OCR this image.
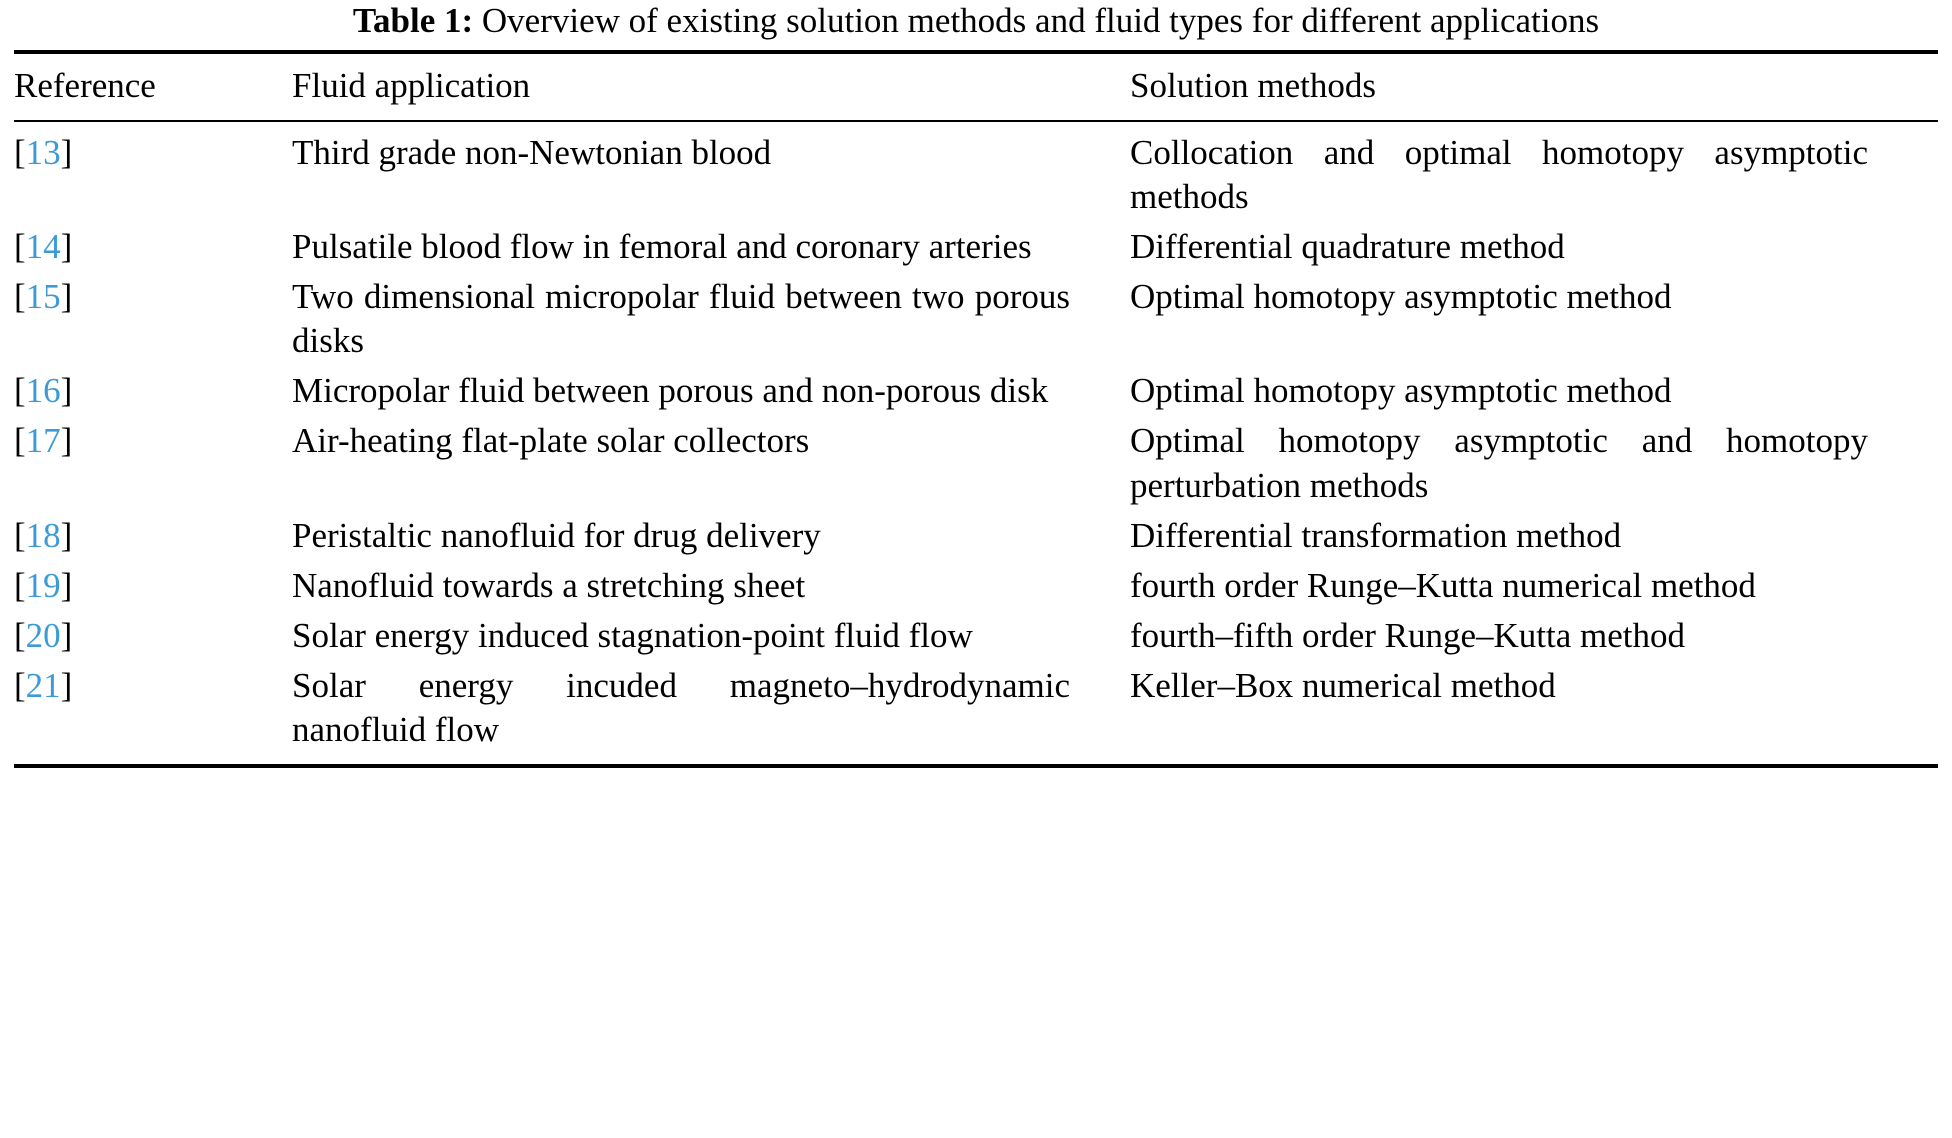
Table 1: Overview of existing solution methods and fluid types for different applications
Reference	Fluid application	Solution methods
[13]	Third grade non-Newtonian blood	Collocation and optimal homotopy asymptotic methods
[14]	Pulsatile blood flow in femoral and coronary arteries	Differential quadrature method
[15]	Two dimensional micropolar fluid between two porous disks	Optimal homotopy asymptotic method
[16]	Micropolar fluid between porous and non-porous disk	Optimal homotopy asymptotic method
[17]	Air-heating flat-plate solar collectors	Optimal homotopy asymptotic and homotopy perturbation methods
[18]	Peristaltic nanofluid for drug delivery	Differential transformation method
[19]	Nanofluid towards a stretching sheet	fourth order Runge–Kutta numerical method
[20]	Solar energy induced stagnation-point fluid flow	fourth–fifth order Runge–Kutta method
[21]	Solar energy incuded magneto–hydrodynamic nanofluid flow	Keller–Box numerical method
